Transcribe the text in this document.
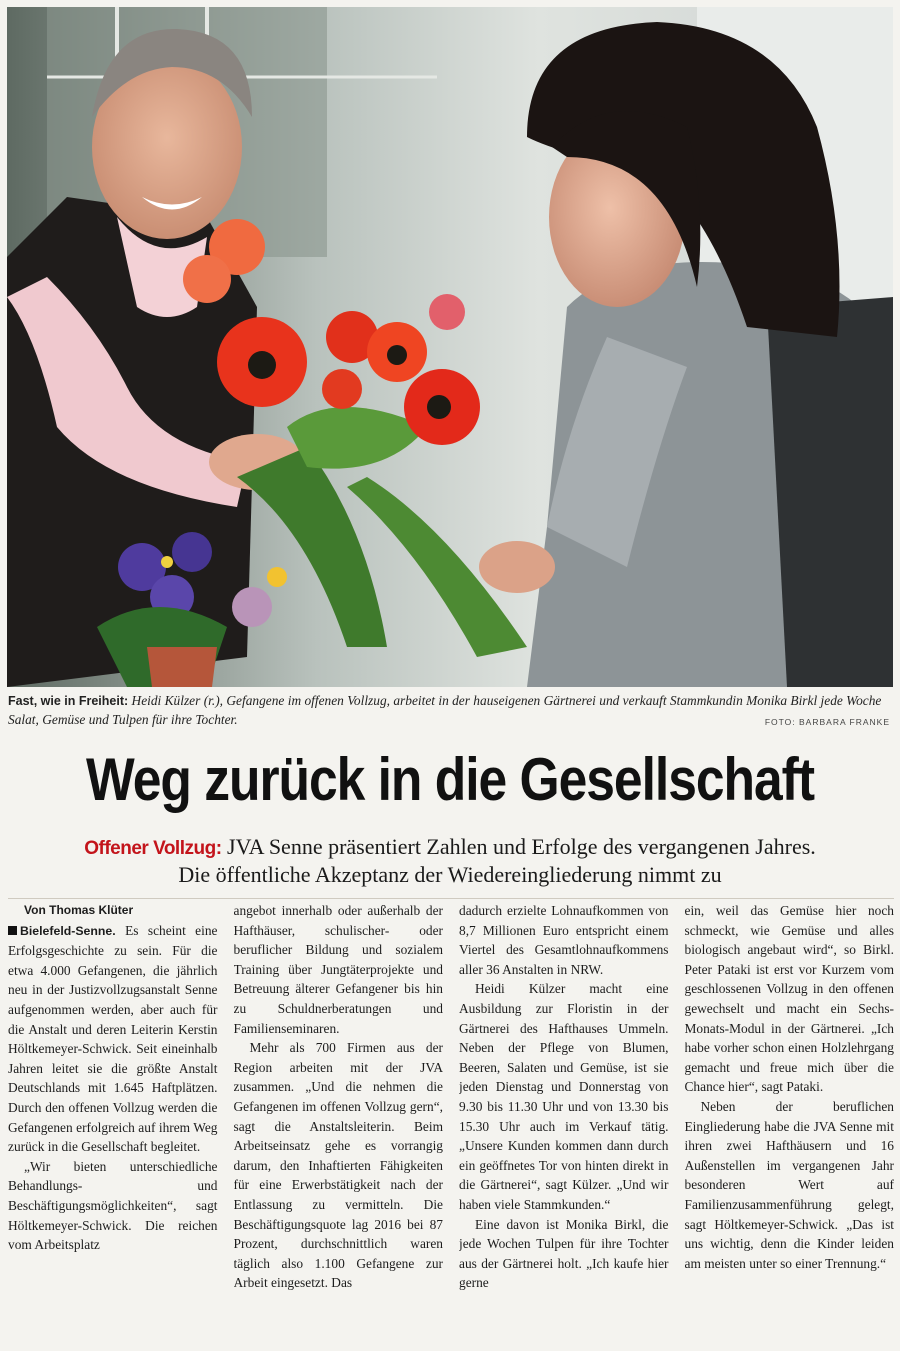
Fast, wie in Freiheit: Heidi Külzer (r.), Gefangene im offenen Vollzug, arbeitet in der hauseigenen Gärtnerei und verkauft Stammkundin Monika Birkl jede Woche Salat, Gemüse und Tulpen für ihre Tochter.	FOTO: BARBARA FRANKE
Weg zurück in die Gesellschaft
Offener Vollzug: JVA Senne präsentiert Zahlen und Erfolge des vergangenen Jahres.
Die öffentliche Akzeptanz der Wiedereingliederung nimmt zu

Von Thomas Klüter

Bielefeld-Senne. Es scheint eine Erfolgsgeschichte zu sein. Für die etwa 4.000 Gefangenen, die jährlich neu in der Justizvollzugsanstalt Senne aufgenommen werden, aber auch für die Anstalt und deren Leiterin Kerstin Höltkemeyer-Schwick. Seit eineinhalb Jahren leitet sie die größte Anstalt Deutschlands mit 1.645 Haftplätzen. Durch den offenen Vollzug werden die Gefangenen erfolgreich auf ihrem Weg zurück in die Gesellschaft begleitet.

„Wir bieten unterschiedliche Behandlungs- und Beschäftigungsmöglichkeiten“, sagt Höltkemeyer-Schwick. Die reichen vom Arbeitsplatz

angebot innerhalb oder außerhalb der Hafthäuser, schulischer- oder beruflicher Bildung und sozialem Training über Jungtäterprojekte und Betreuung älterer Gefangener bis hin zu Schuldnerberatungen und Familienseminaren.

Mehr als 700 Firmen aus der Region arbeiten mit der JVA zusammen. „Und die nehmen die Gefangenen im offenen Vollzug gern“, sagt die Anstaltsleiterin. Beim Arbeitseinsatz gehe es vorrangig darum, den Inhaftierten Fähigkeiten für eine Erwerbstätigkeit nach der Entlassung zu vermitteln. Die Beschäftigungsquote lag 2016 bei 87 Prozent, durchschnittlich waren täglich also 1.100 Gefangene zur Arbeit eingesetzt. Das

dadurch erzielte Lohnaufkommen von 8,7 Millionen Euro entspricht einem Viertel des Gesamtlohnaufkommens aller 36 Anstalten in NRW.

Heidi Külzer macht eine Ausbildung zur Floristin in der Gärtnerei des Hafthauses Ummeln. Neben der Pflege von Blumen, Beeren, Salaten und Gemüse, ist sie jeden Dienstag und Donnerstag von 9.30 bis 11.30 Uhr und von 13.30 bis 15.30 Uhr auch im Verkauf tätig. „Unsere Kunden kommen dann durch ein geöffnetes Tor von hinten direkt in die Gärtnerei“, sagt Külzer. „Und wir haben viele Stammkunden.“

Eine davon ist Monika Birkl, die jede Wochen Tulpen für ihre Tochter aus der Gärtnerei holt. „Ich kaufe hier gerne

ein, weil das Gemüse hier noch schmeckt, wie Gemüse und alles biologisch angebaut wird“, so Birkl. Peter Pataki ist erst vor Kurzem vom geschlossenen Vollzug in den offenen gewechselt und macht ein Sechs-Monats-Modul in der Gärtnerei. „Ich habe vorher schon einen Holzlehrgang gemacht und freue mich über die Chance hier“, sagt Pataki.

Neben der beruflichen Eingliederung habe die JVA Senne mit ihren zwei Hafthäusern und 16 Außenstellen im vergangenen Jahr besonderen Wert auf Familienzusammenführung gelegt, sagt Höltkemeyer-Schwick. „Das ist uns wichtig, denn die Kinder leiden am meisten unter so einer Trennung.“
